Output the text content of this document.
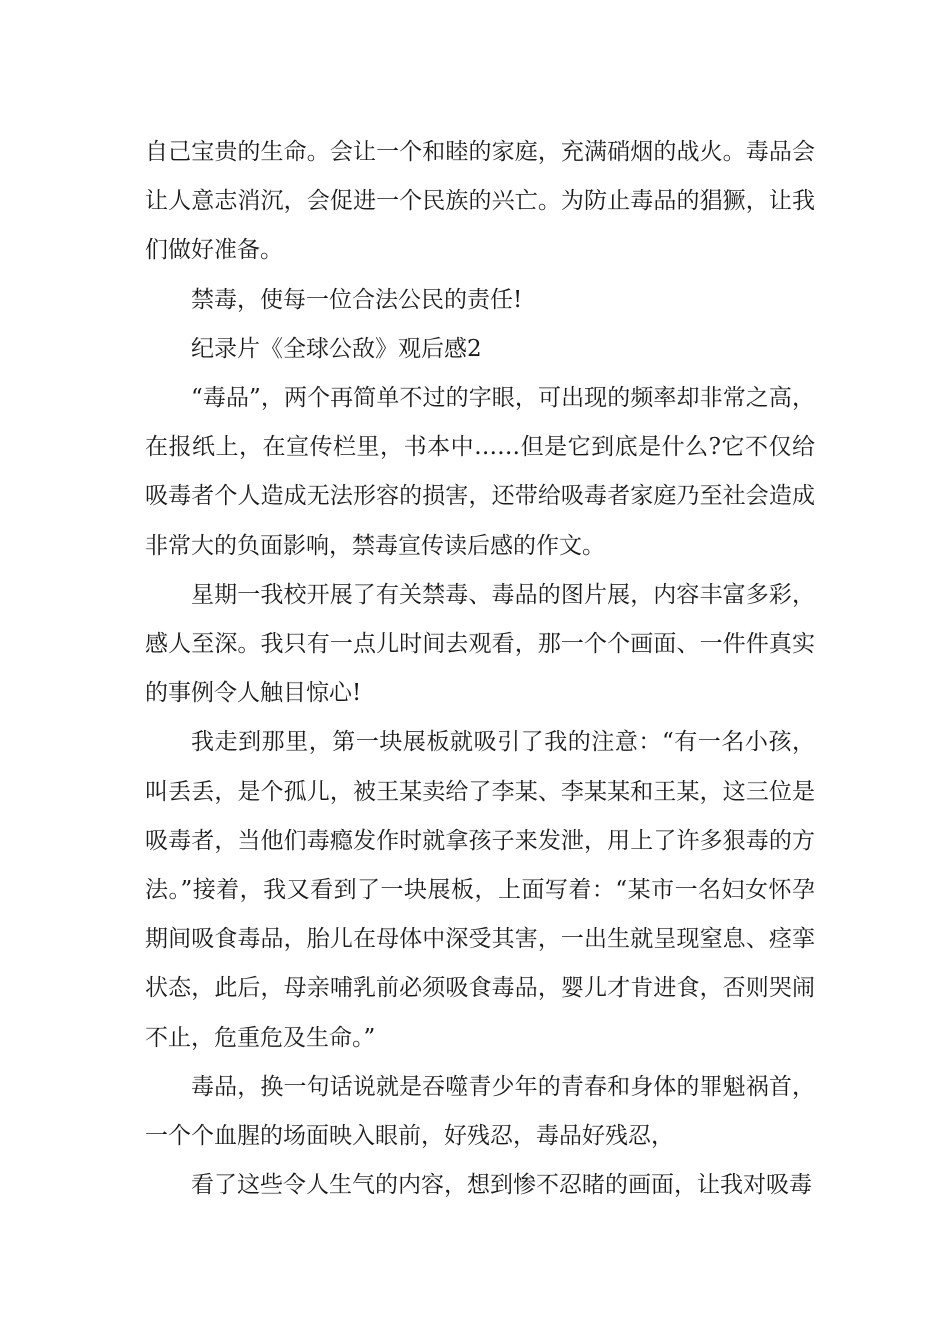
自己宝贵的生命。会让一个和睦的家庭，充满硝烟的战火。毒品会让人意志消沉，会促进一个民族的兴亡。为防止毒品的猖獗，让我们做好准备。

禁毒，使每一位合法公民的责任!

纪录片《全球公敌》观后感2

“毒品”，两个再简单不过的字眼，可出现的频率却非常之高，在报纸上，在宣传栏里，书本中……但是它到底是什么?它不仅给吸毒者个人造成无法形容的损害，还带给吸毒者家庭乃至社会造成非常大的负面影响，禁毒宣传读后感的作文。

星期一我校开展了有关禁毒、毒品的图片展，内容丰富多彩，感人至深。我只有一点儿时间去观看，那一个个画面、一件件真实的事例令人触目惊心!

我走到那里，第一块展板就吸引了我的注意：“有一名小孩，叫丢丢，是个孤儿，被王某卖给了李某、李某某和王某，这三位是吸毒者，当他们毒瘾发作时就拿孩子来发泄，用上了许多狠毒的方法。”接着，我又看到了一块展板，上面写着：“某市一名妇女怀孕期间吸食毒品，胎儿在母体中深受其害，一出生就呈现窒息、痉挛状态，此后，母亲哺乳前必须吸食毒品，婴儿才肯进食，否则哭闹不止，危重危及生命。”

毒品，换一句话说就是吞噬青少年的青春和身体的罪魁祸首，一个个血腥的场面映入眼前，好残忍，毒品好残忍，

看了这些令人生气的内容，想到惨不忍睹的画面，让我对吸毒
